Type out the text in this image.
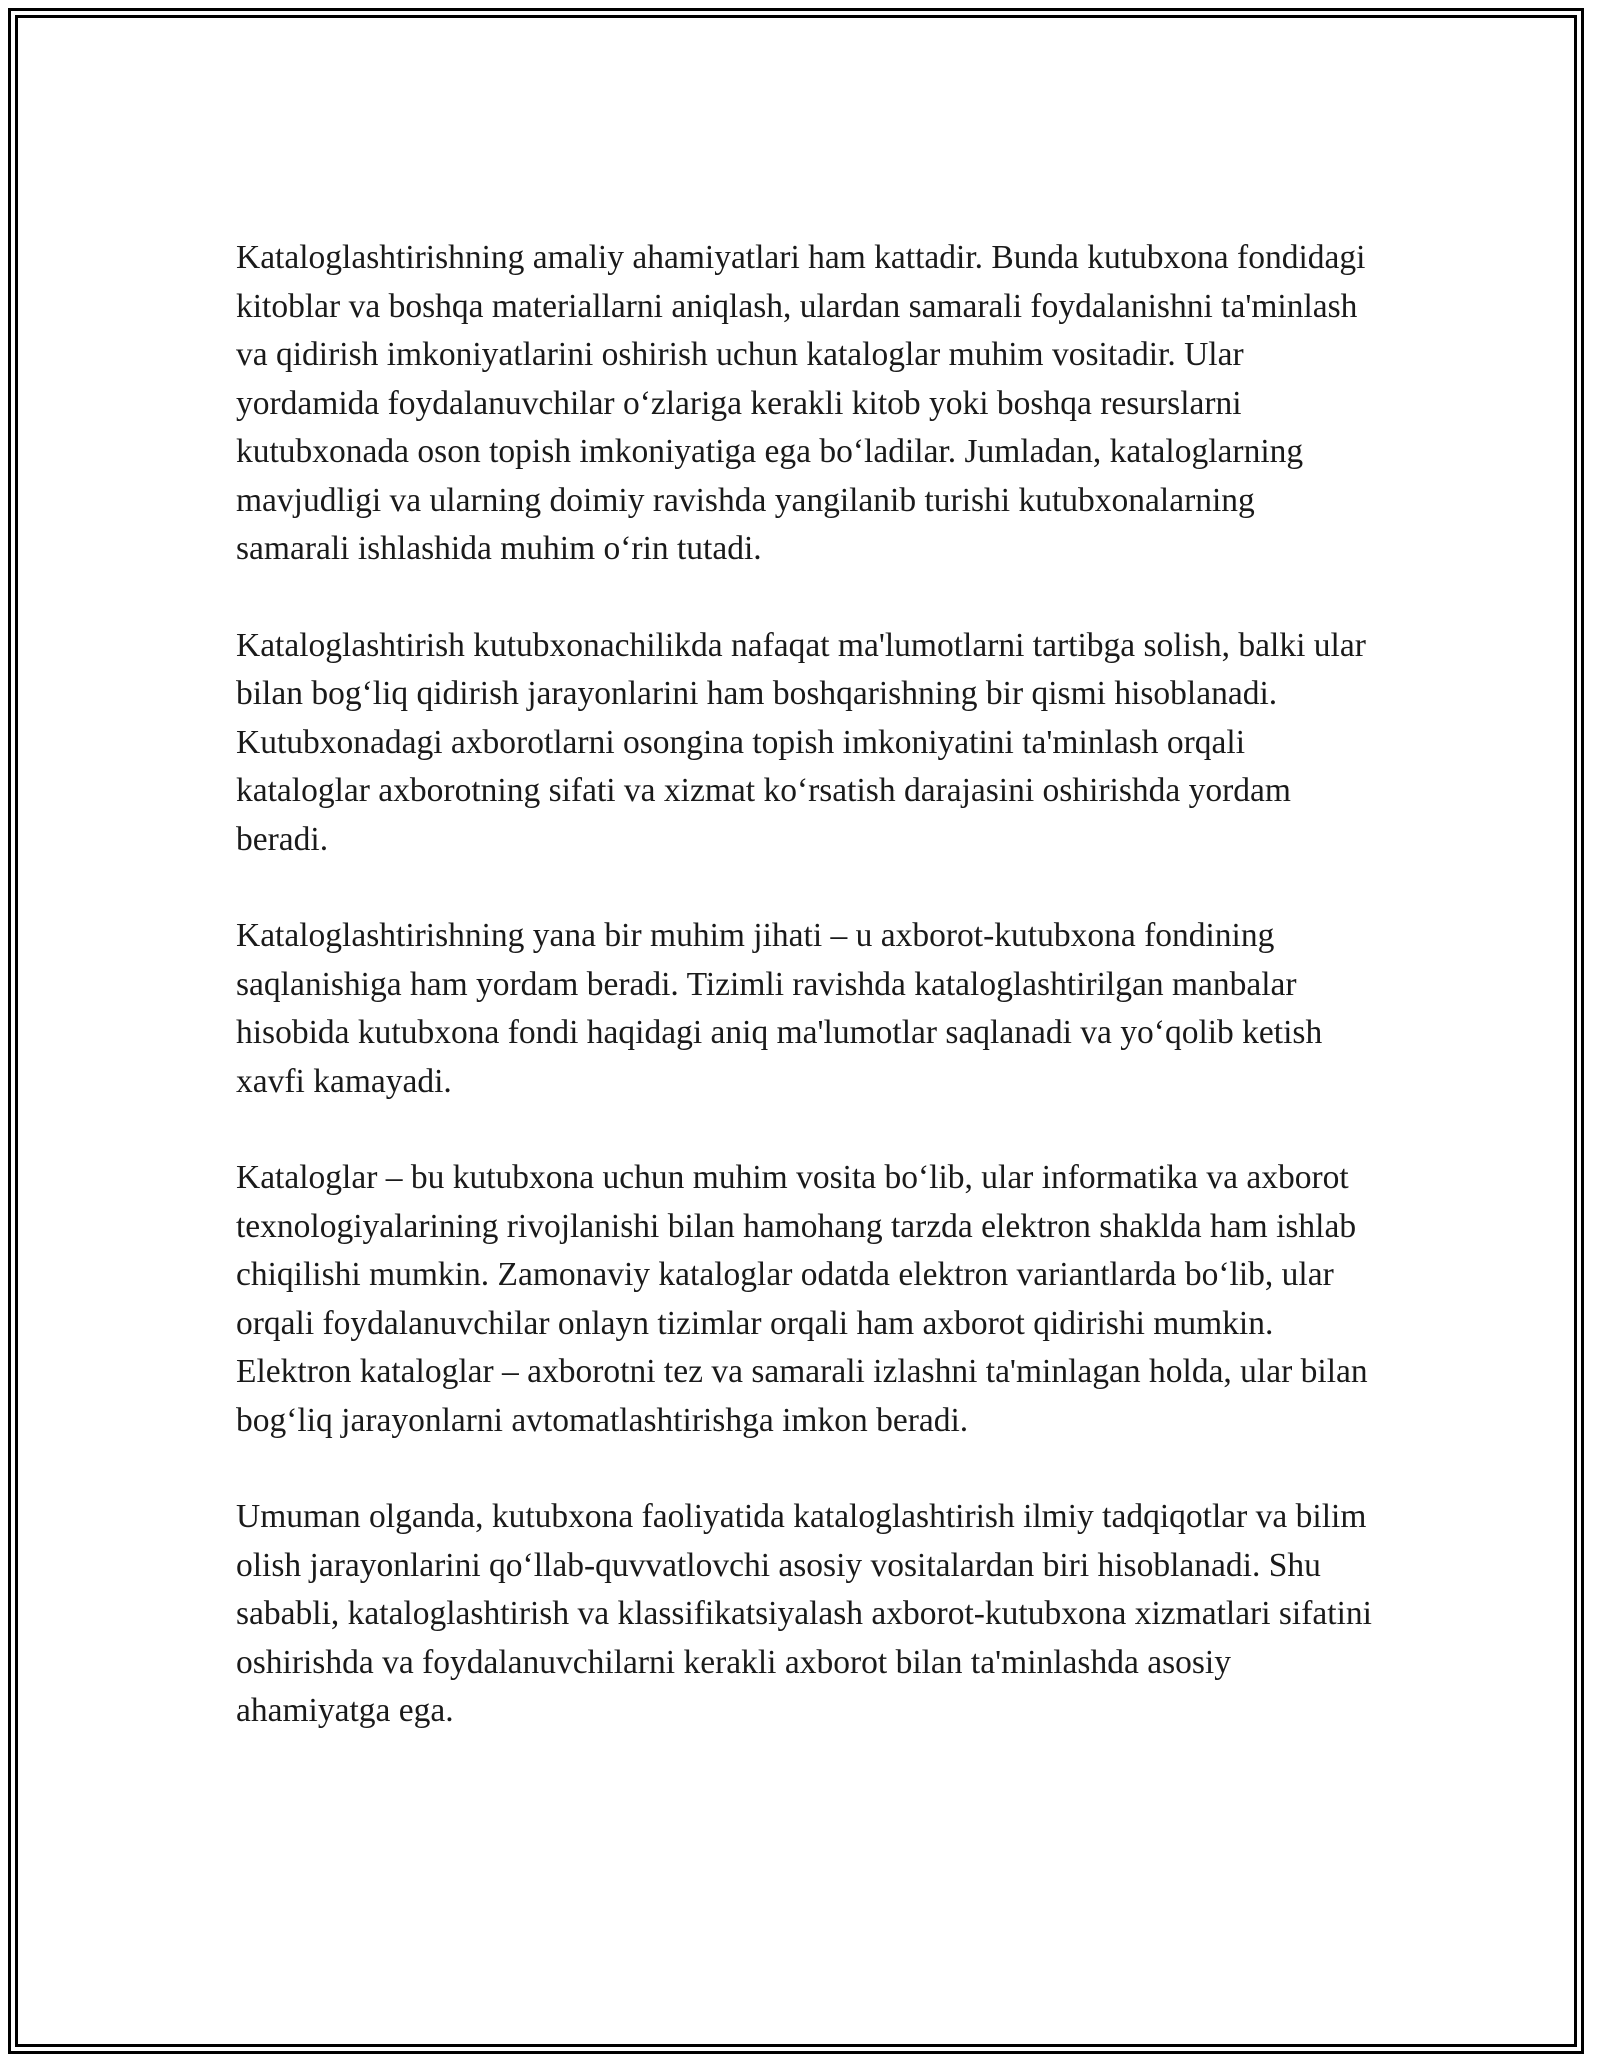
Kataloglashtirishning amaliy ahamiyatlari ham kattadir. Bunda kutubxona fondidagi kitoblar va boshqa materiallarni aniqlash, ulardan samarali foydalanishni ta'minlash va qidirish imkoniyatlarini oshirish uchun kataloglar muhim vositadir. Ular yordamida foydalanuvchilar o‘zlariga kerakli kitob yoki boshqa resurslarni kutubxonada oson topish imkoniyatiga ega bo‘ladilar. Jumladan, kataloglarning mavjudligi va ularning doimiy ravishda yangilanib turishi kutubxonalarning samarali ishlashida muhim o‘rin tutadi.

Kataloglashtirish kutubxonachilikda nafaqat ma'lumotlarni tartibga solish, balki ular bilan bog‘liq qidirish jarayonlarini ham boshqarishning bir qismi hisoblanadi. Kutubxonadagi axborotlarni osongina topish imkoniyatini ta'minlash orqali kataloglar axborotning sifati va xizmat ko‘rsatish darajasini oshirishda yordam beradi.

Kataloglashtirishning yana bir muhim jihati – u axborot-kutubxona fondining saqlanishiga ham yordam beradi. Tizimli ravishda kataloglashtirilgan manbalar hisobida kutubxona fondi haqidagi aniq ma'lumotlar saqlanadi va yo‘qolib ketish xavfi kamayadi.

Kataloglar – bu kutubxona uchun muhim vosita bo‘lib, ular informatika va axborot texnologiyalarining rivojlanishi bilan hamohang tarzda elektron shaklda ham ishlab chiqilishi mumkin. Zamonaviy kataloglar odatda elektron variantlarda bo‘lib, ular orqali foydalanuvchilar onlayn tizimlar orqali ham axborot qidirishi mumkin. Elektron kataloglar – axborotni tez va samarali izlashni ta'minlagan holda, ular bilan bog‘liq jarayonlarni avtomatlashtirishga imkon beradi.

Umuman olganda, kutubxona faoliyatida kataloglashtirish ilmiy tadqiqotlar va bilim olish jarayonlarini qo‘llab-quvvatlovchi asosiy vositalardan biri hisoblanadi. Shu sababli, kataloglashtirish va klassifikatsiyalash axborot-kutubxona xizmatlari sifatini oshirishda va foydalanuvchilarni kerakli axborot bilan ta'minlashda asosiy ahamiyatga ega.
